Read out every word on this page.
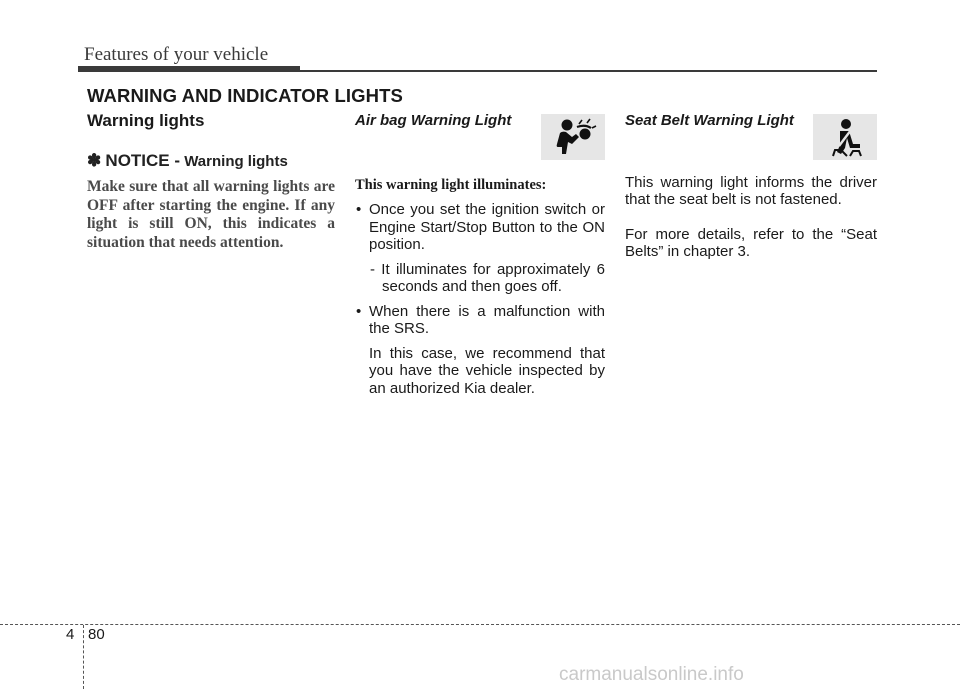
Features of your vehicle
WARNING AND INDICATOR LIGHTS
Warning lights
✽ NOTICE - Warning lights
Make sure that all warning lights are OFF after starting the engine. If any light is still ON, this indicates a situation that needs attention.
Air bag Warning Light
This warning light illuminates:
• Once you set the ignition switch or Engine Start/Stop Button to the ON position.
- It illuminates for approximately 6 seconds and then goes off.
• When there is a malfunction with the SRS.
In this case, we recommend that you have the vehicle inspected by an authorized Kia dealer.
Seat Belt Warning Light
This warning light informs the driver that the seat belt is not fastened.
For more details, refer to the “Seat Belts” in chapter 3.
4 80
carmanualsonline.info
